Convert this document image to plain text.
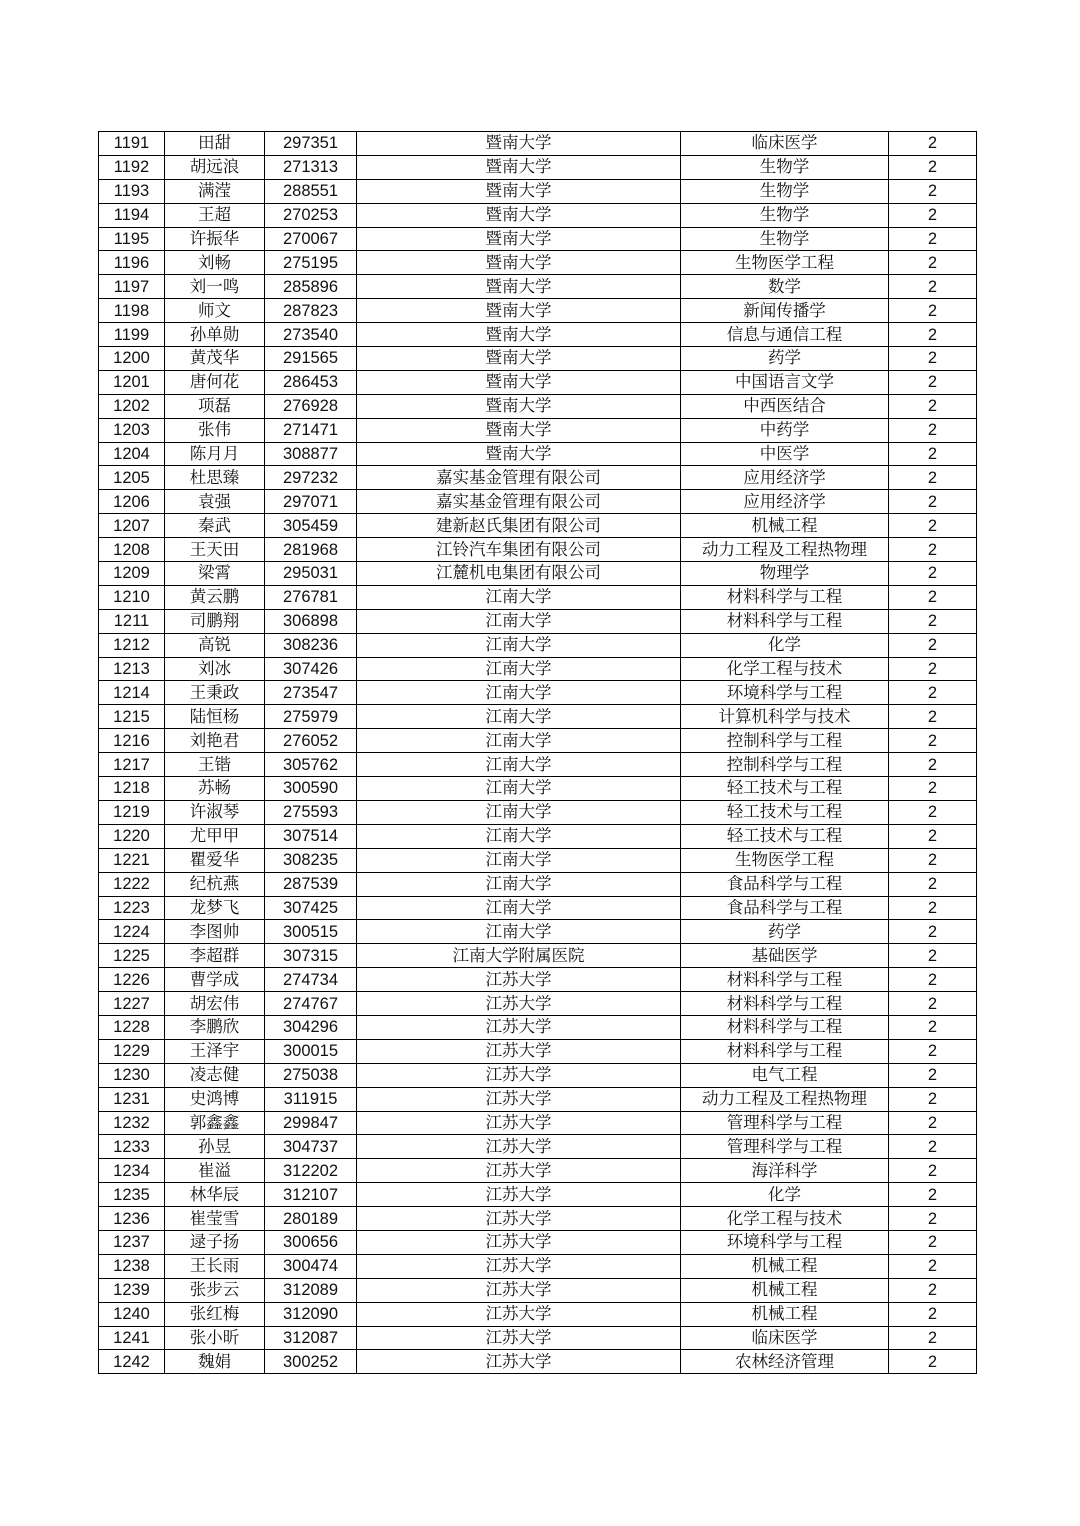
1191	田甜	297351	暨南大学	临床医学	2
1192	胡远浪	271313	暨南大学	生物学	2
1193	满滢	288551	暨南大学	生物学	2
1194	王超	270253	暨南大学	生物学	2
1195	许振华	270067	暨南大学	生物学	2
1196	刘畅	275195	暨南大学	生物医学工程	2
1197	刘一鸣	285896	暨南大学	数学	2
1198	师文	287823	暨南大学	新闻传播学	2
1199	孙单勋	273540	暨南大学	信息与通信工程	2
1200	黄茂华	291565	暨南大学	药学	2
1201	唐何花	286453	暨南大学	中国语言文学	2
1202	项磊	276928	暨南大学	中西医结合	2
1203	张伟	271471	暨南大学	中药学	2
1204	陈月月	308877	暨南大学	中医学	2
1205	杜思臻	297232	嘉实基金管理有限公司	应用经济学	2
1206	袁强	297071	嘉实基金管理有限公司	应用经济学	2
1207	秦武	305459	建新赵氏集团有限公司	机械工程	2
1208	王天田	281968	江铃汽车集团有限公司	动力工程及工程热物理	2
1209	梁霄	295031	江麓机电集团有限公司	物理学	2
1210	黄云鹏	276781	江南大学	材料科学与工程	2
1211	司鹏翔	306898	江南大学	材料科学与工程	2
1212	高锐	308236	江南大学	化学	2
1213	刘冰	307426	江南大学	化学工程与技术	2
1214	王秉政	273547	江南大学	环境科学与工程	2
1215	陆恒杨	275979	江南大学	计算机科学与技术	2
1216	刘艳君	276052	江南大学	控制科学与工程	2
1217	王锴	305762	江南大学	控制科学与工程	2
1218	苏畅	300590	江南大学	轻工技术与工程	2
1219	许淑琴	275593	江南大学	轻工技术与工程	2
1220	尤甲甲	307514	江南大学	轻工技术与工程	2
1221	瞿爱华	308235	江南大学	生物医学工程	2
1222	纪杭燕	287539	江南大学	食品科学与工程	2
1223	龙梦飞	307425	江南大学	食品科学与工程	2
1224	李图帅	300515	江南大学	药学	2
1225	李超群	307315	江南大学附属医院	基础医学	2
1226	曹学成	274734	江苏大学	材料科学与工程	2
1227	胡宏伟	274767	江苏大学	材料科学与工程	2
1228	李鹏欣	304296	江苏大学	材料科学与工程	2
1229	王泽宇	300015	江苏大学	材料科学与工程	2
1230	凌志健	275038	江苏大学	电气工程	2
1231	史鸿博	311915	江苏大学	动力工程及工程热物理	2
1232	郭鑫鑫	299847	江苏大学	管理科学与工程	2
1233	孙昱	304737	江苏大学	管理科学与工程	2
1234	崔溢	312202	江苏大学	海洋科学	2
1235	林华辰	312107	江苏大学	化学	2
1236	崔莹雪	280189	江苏大学	化学工程与技术	2
1237	逯子扬	300656	江苏大学	环境科学与工程	2
1238	王长雨	300474	江苏大学	机械工程	2
1239	张步云	312089	江苏大学	机械工程	2
1240	张红梅	312090	江苏大学	机械工程	2
1241	张小昕	312087	江苏大学	临床医学	2
1242	魏娟	300252	江苏大学	农林经济管理	2
